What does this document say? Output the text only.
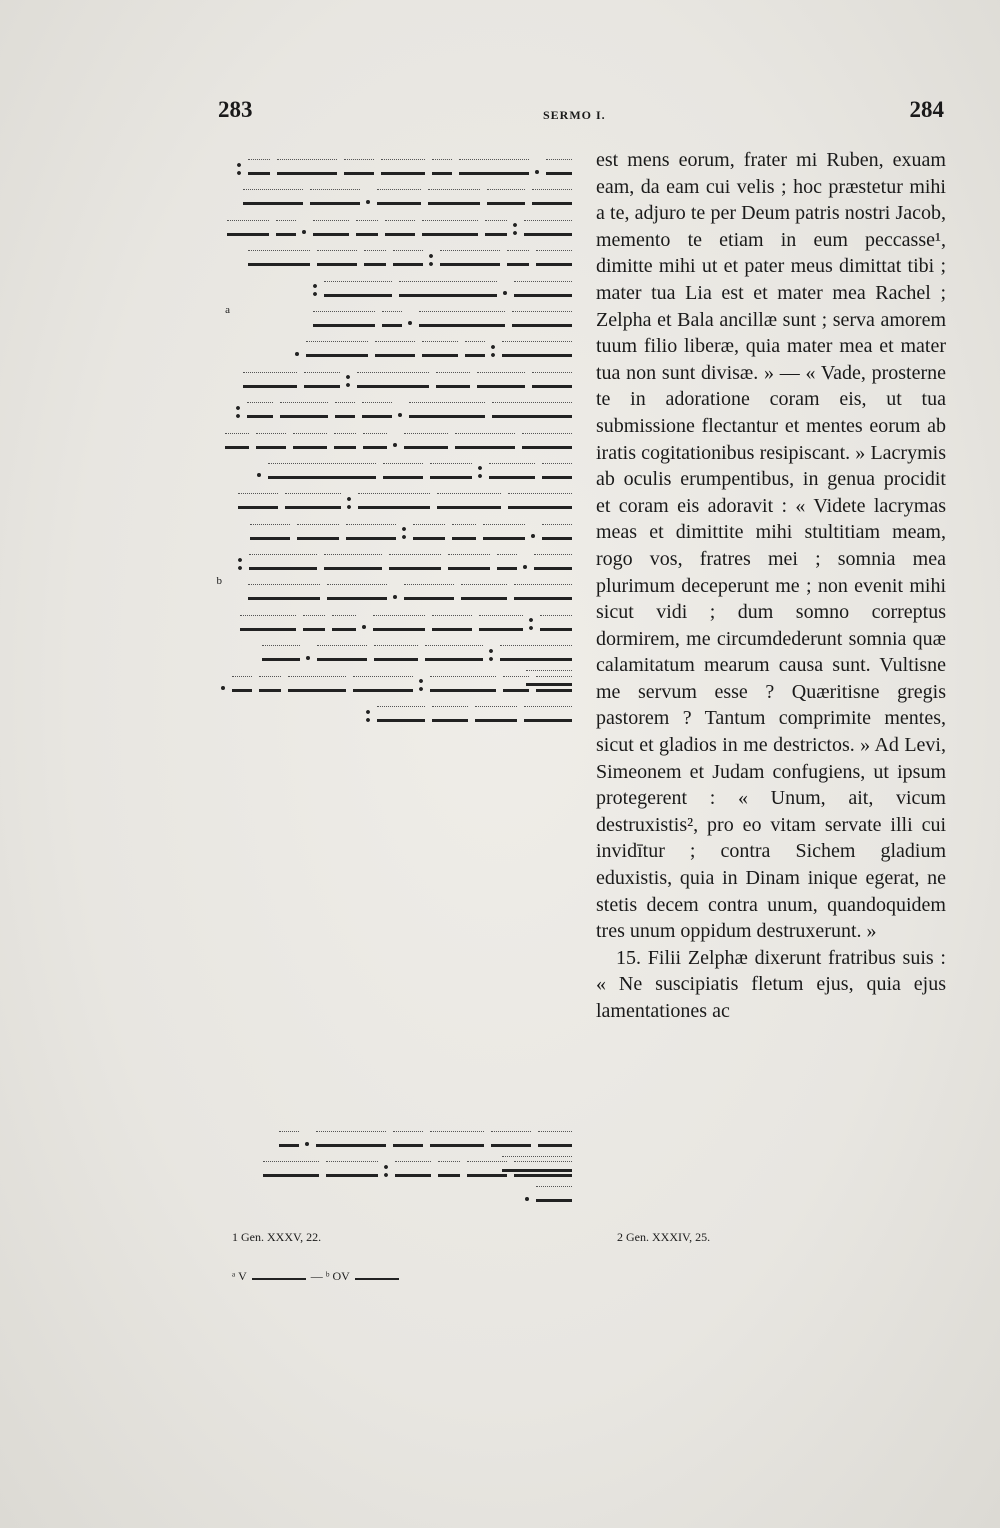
283	SERMO I.	284
b
a

est mens eorum, frater mi Ruben, exuam eam, da eam cui velis ; hoc præstetur mihi a te, adjuro te per Deum patris nostri Jacob, memento te etiam in eum peccasse¹, dimitte mihi ut et pater meus dimittat tibi ; mater tua Lia est et mater mea Rachel ; Zelpha et Bala ancillæ sunt ; serva amorem tuum filio liberæ, quia mater mea et mater tua non sunt divisæ. » — « Vade, prosterne te in adoratione coram eis, ut tua submissione flectantur et mentes eorum ab iratis cogitationibus resipiscant. » Lacrymis ab oculis erumpentibus, in genua procidit et coram eis adoravit : « Videte lacrymas meas et dimittite mihi stultitiam meam, rogo vos, fratres mei ; somnia mea plurimum deceperunt me ; non evenit mihi sicut vidi ; dum somno correptus dormirem, me circumdederunt somnia quæ calamitatum mearum causa sunt. Vultisne me servum esse ? Quæritisne gregis pastorem ? Tantum comprimite mentes, sicut et gladios in me destrictos. » Ad Levi, Simeonem et Judam confugiens, ut ipsum protegerent : « Unum, ait, vicum destruxistis², pro eo vitam servate illi cui invidītur ; contra Sichem gladium eduxistis, quia in Dinam inique egerat, ne stetis decem contra unum, quandoquidem tres unum oppidum destruxerunt. »

15. Filii Zelphæ dixerunt fratribus suis : « Ne suscipiatis fletum ejus, quia ejus lamentationes ac

1 Gen. XXXV, 22.	2 Gen. XXXIV, 25.
ᵃ V	— ᵇ OV
